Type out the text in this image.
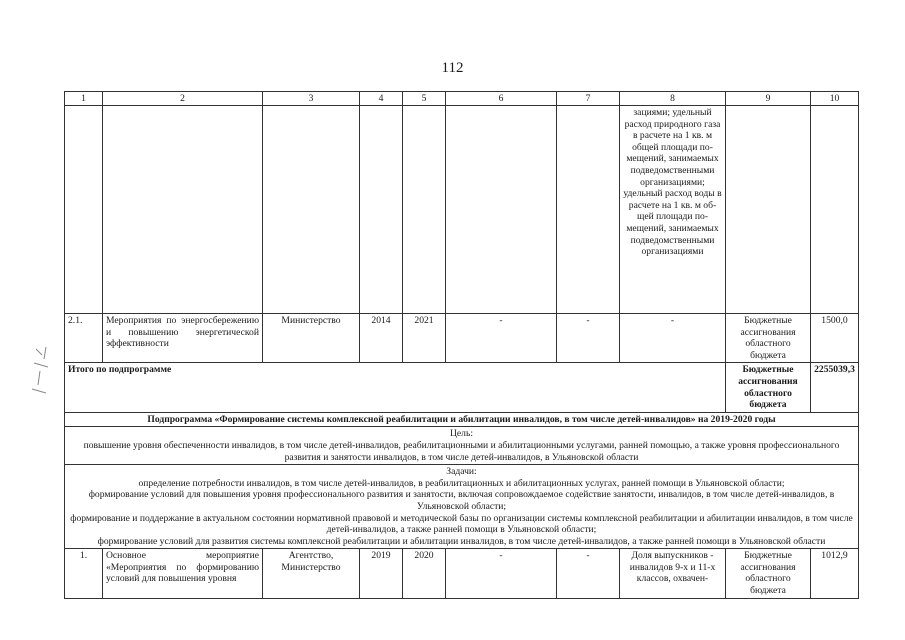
112
1	2	3	4	5	6	7	8	9	10
							зациями; удельный расход природного газа в расчете на 1 кв. м общей площади помещений, занимаемых подведомственными организациями; удельный расход воды в расчете на 1 кв. м общей площади помещений, занимаемых подведомственными организациями		
2.1.	Мероприятия по энергосбережению и повышению энергетической эффективности	Министерство	2014	2021	-	-	-	Бюджетные ассигнования областного бюджета	1500,0
Итого по подпрограмме								Бюджетные ассигнования областного бюджета	2255039,3
Подпрограмма «Формирование системы комплексной реабилитации и абилитации инвалидов, в том числе детей-инвалидов» на 2019-2020 годы									

Цель:
повышение уровня обеспеченности инвалидов, в том числе детей-инвалидов, реабилитационными и абилитационными услугами, ранней помощью, а также уровня профессионального развития и занятости инвалидов, в том числе детей-инвалидов, в Ульяновской области									

Задачи:
определение потребности инвалидов, в том числе детей-инвалидов, в реабилитационных и абилитационных услугах, ранней помощи в Ульяновской области;
формирование условий для повышения уровня профессионального развития и занятости, включая сопровождаемое содействие занятости, инвалидов, в том числе детей-инвалидов, в Ульяновской области;
формирование и поддержание в актуальном состоянии нормативной правовой и методической базы по организации системы комплексной реабилитации и абилитации инвалидов, в том числе детей-инвалидов, а также ранней помощи в Ульяновской области;
формирование условий для развития системы комплексной реабилитации и абилитации инвалидов, в том числе детей-инвалидов, а также ранней помощи в Ульяновской области									

1.	Основное мероприятие «Мероприятия по формированию условий для повышения уровня	Агентство, Министерство	2019	2020	-	-	Доля выпускников - инвалидов 9-х и 11-х классов, охвачен-	Бюджетные ассигнования областного бюджета	1012,9
